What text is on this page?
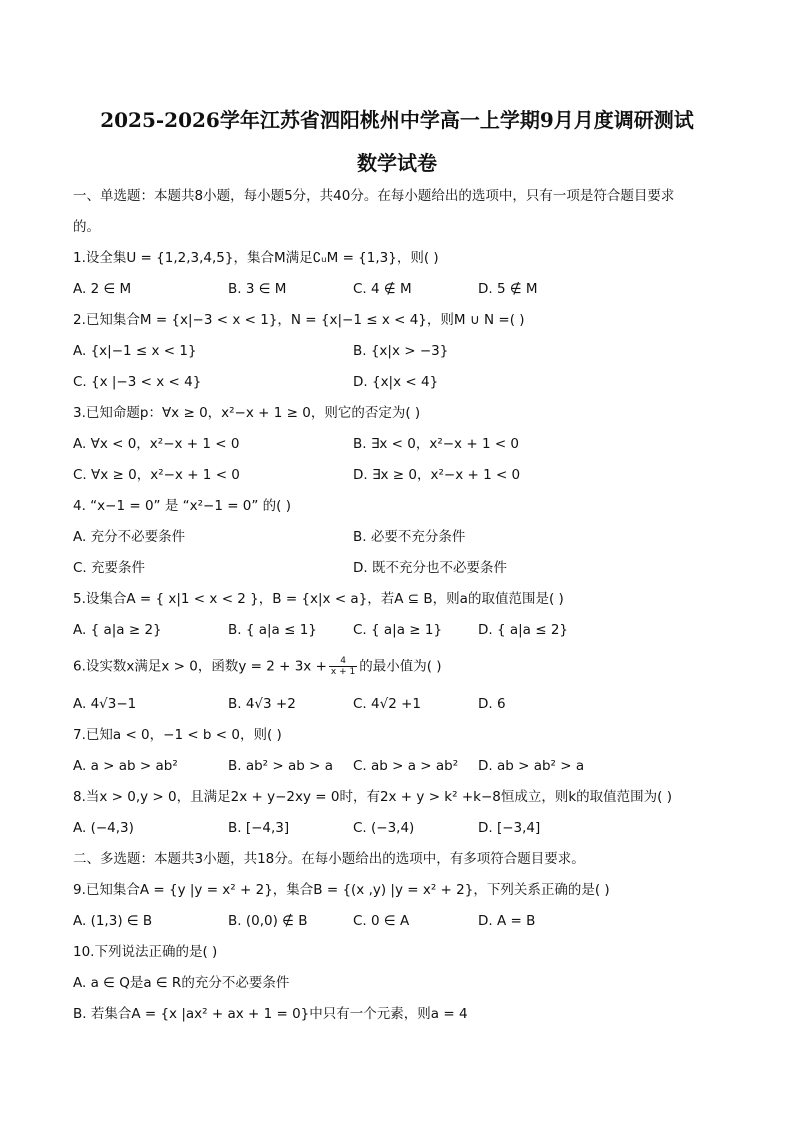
2025-2026学年江苏省泗阳桃州中学高一上学期9月月度调研测试
数学试卷
一、单选题：本题共8小题，每小题5分，共40分。在每小题给出的选项中，只有一项是符合题目要求
的。
1.设全集U = {1,2,3,4,5}，集合M满足∁ᵤM = {1,3}，则( )
A. 2 ∈ M	B. 3 ∈ M	C. 4 ∉ M	D. 5 ∉ M
2.已知集合M = {x|−3 < x < 1}，N = {x|−1 ≤ x < 4}，则M ∪ N =( )
A. {x|−1 ≤ x < 1}	B. {x|x > −3}
C. {x |−3 < x < 4}	D. {x|x < 4}
3.已知命题p：∀x ≥ 0，x²−x + 1 ≥ 0，则它的否定为( )
A. ∀x < 0，x²−x + 1 < 0	B. ∃x < 0，x²−x + 1 < 0
C. ∀x ≥ 0，x²−x + 1 < 0	D. ∃x ≥ 0，x²−x + 1 < 0
4. “x−1 = 0” 是 “x²−1 = 0” 的( )
A. 充分不必要条件	B. 必要不充分条件
C. 充要条件	D. 既不充分也不必要条件
5.设集合A = { x|1 < x < 2 }，B = {x|x < a}，若A ⊆ B，则a的取值范围是( )
A. { a|a ≥ 2}	B. { a|a ≤ 1}	C. { a|a ≥ 1}	D. { a|a ≤ 2}
6.设实数x满足x > 0，函数$y = 2 + 3x + \frac{4}{x + 1}$ 的最小值为( )
A. 4√3−1	B. 4√3 +2	C. 4√2 +1	D. 6
7.已知a < 0，−1 < b < 0，则( )
A. a > ab > ab²	B. ab² > ab > a C. ab > a > ab² D. ab > ab² > a
8.当x > 0,y > 0，且满足2x + y−2xy = 0时，有2x + y > k² +k−8恒成立，则k的取值范围为( )
A. (−4,3)	B. [−4,3]	C. (−3,4)	D. [−3,4]
二、多选题：本题共3小题，共18分。在每小题给出的选项中，有多项符合题目要求。
9.已知集合A = {y |y = x² + 2}，集合B = {(x ,y) |y = x² + 2}，下列关系正确的是( )
A. (1,3) ∈ B	B. (0,0) ∉ B	C. 0 ∈ A	D. A = B
10.下列说法正确的是( )
A. a ∈ Q是a ∈ R的充分不必要条件
B. 若集合A = {x |ax² + ax + 1 = 0}中只有一个元素，则a = 4
